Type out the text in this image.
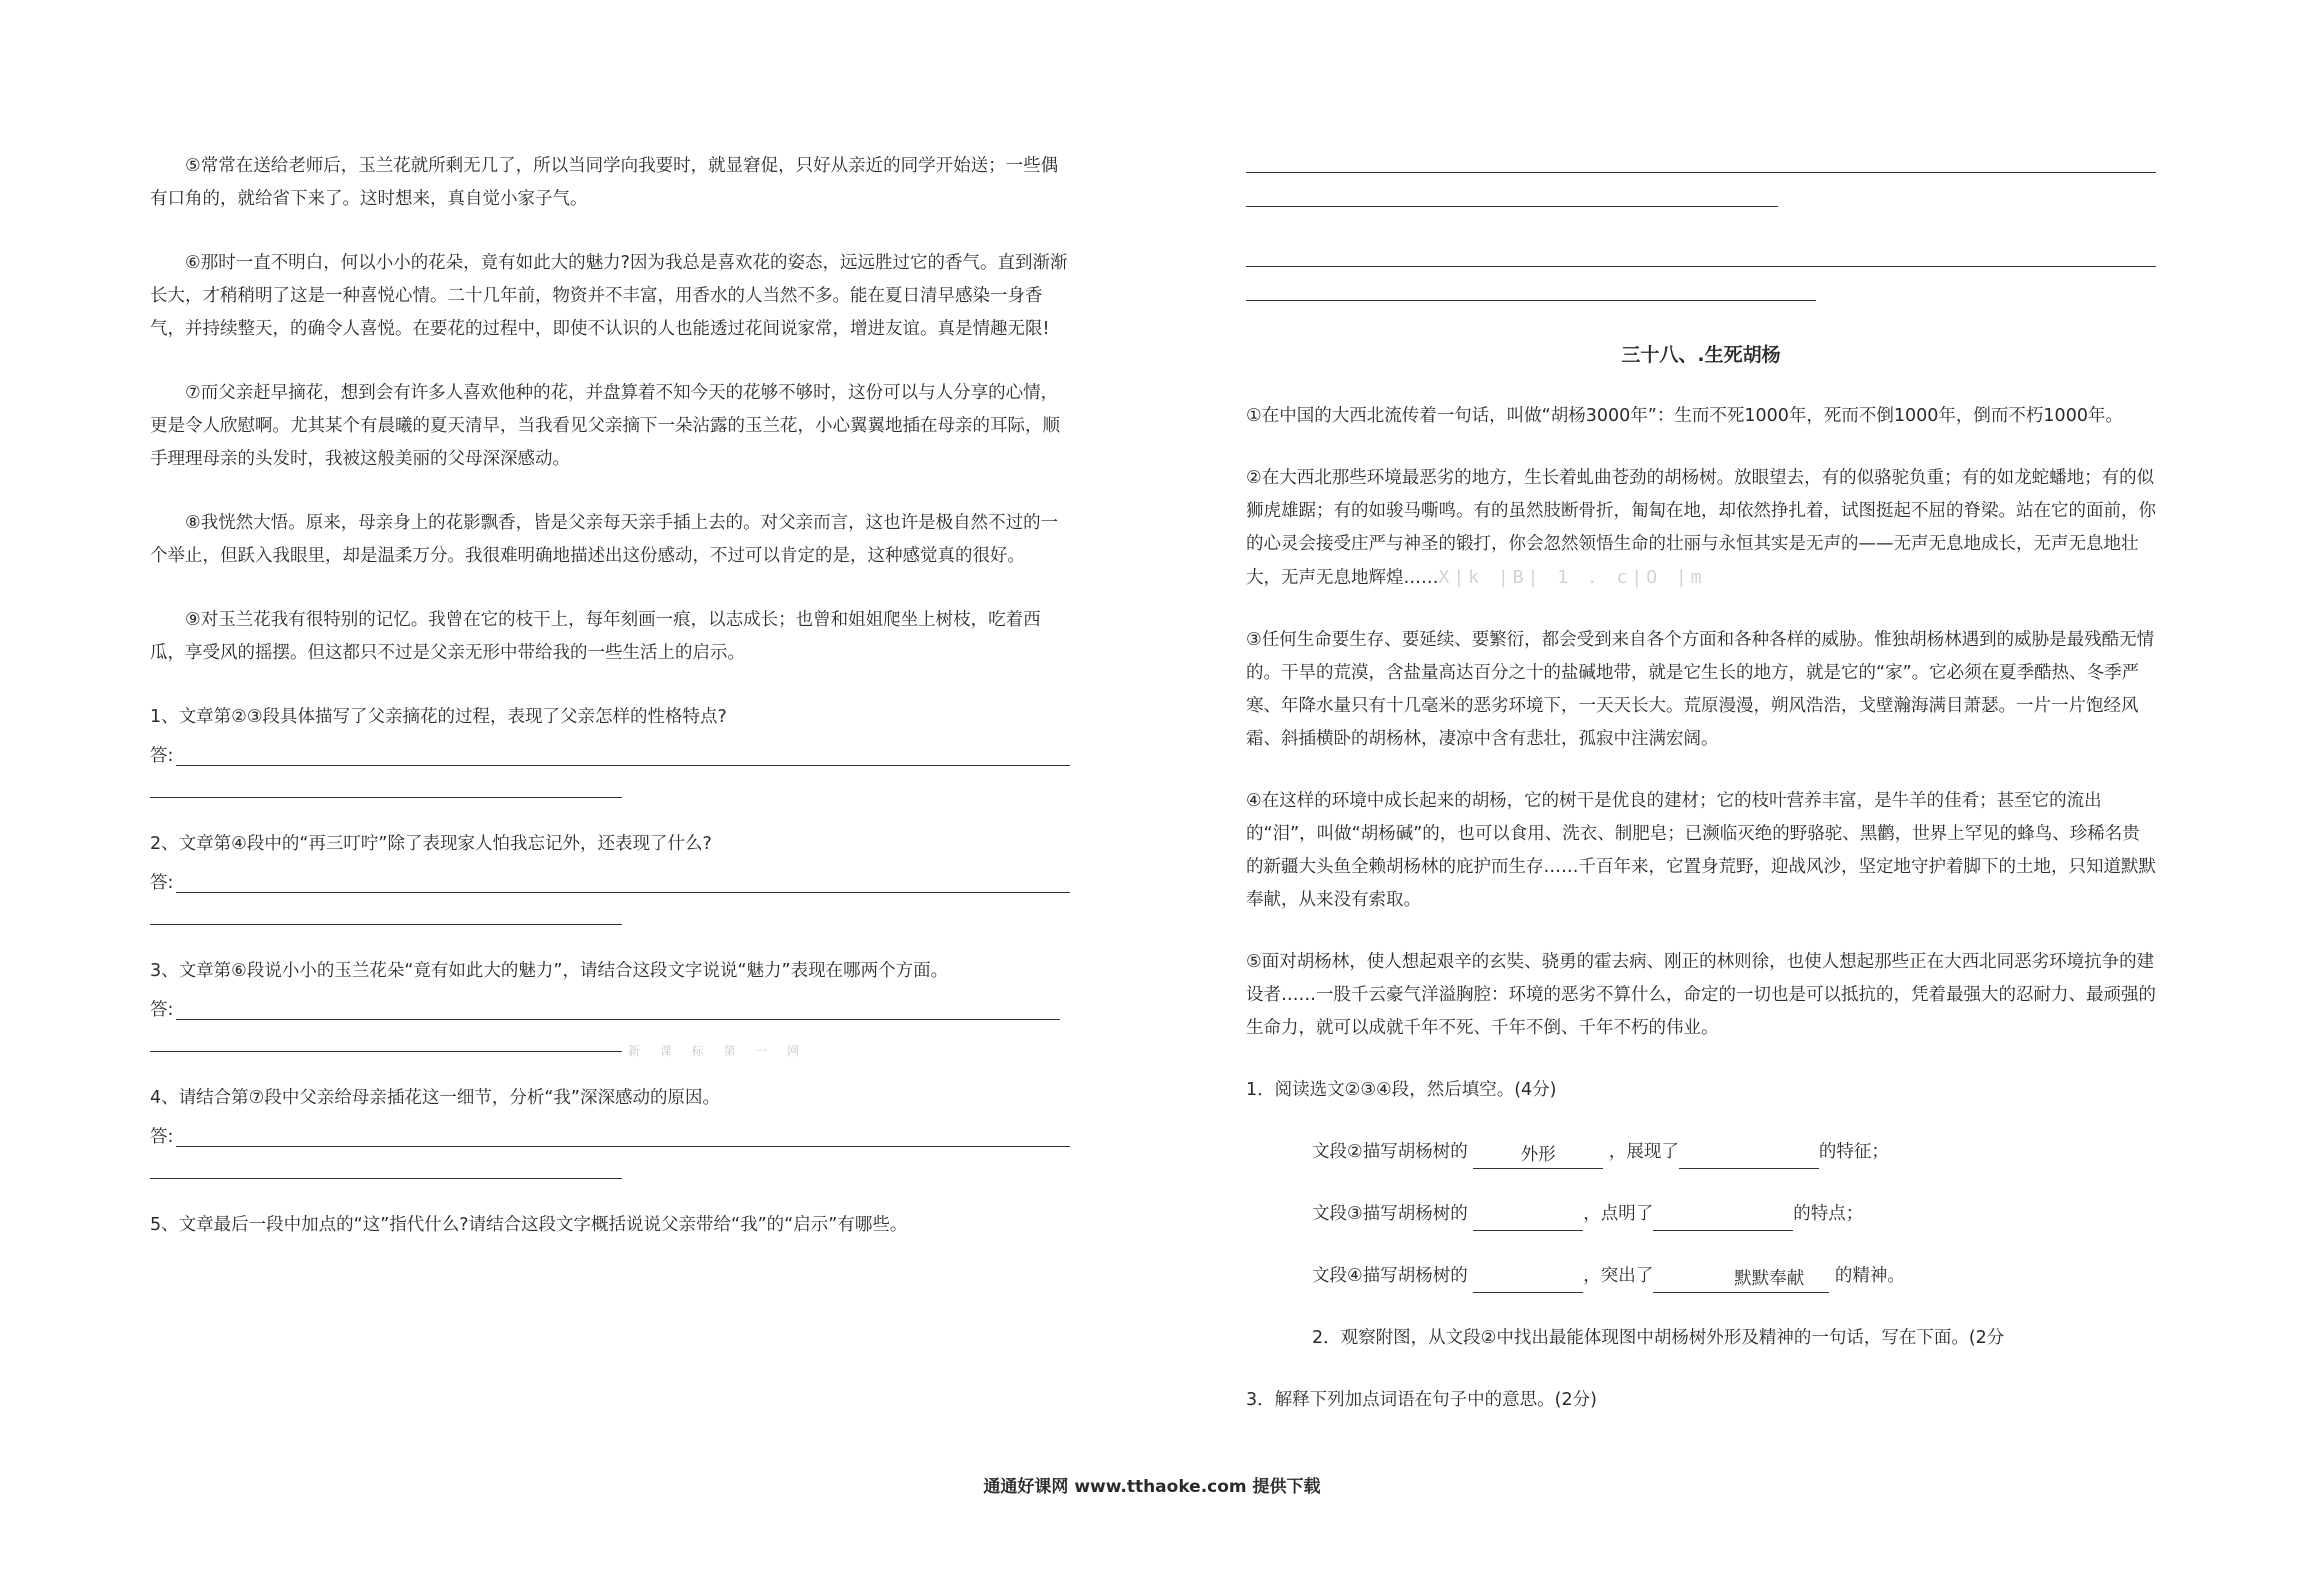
⑤常常在送给老师后，玉兰花就所剩无几了，所以当同学向我要时，就显窘促，只好从亲近的同学开始送；一些偶有口角的，就给省下来了。这时想来，真自觉小家子气。

⑥那时一直不明白，何以小小的花朵，竟有如此大的魅力?因为我总是喜欢花的姿态，远远胜过它的香气。直到渐渐长大，才稍稍明了这是一种喜悦心情。二十几年前，物资并不丰富，用香水的人当然不多。能在夏日清早感染一身香气，并持续整天，的确令人喜悦。在要花的过程中，即使不认识的人也能透过花间说家常，增进友谊。真是情趣无限!

⑦而父亲赶早摘花，想到会有许多人喜欢他种的花，并盘算着不知今天的花够不够时，这份可以与人分享的心情，更是令人欣慰啊。尤其某个有晨曦的夏天清早，当我看见父亲摘下一朵沾露的玉兰花，小心翼翼地插在母亲的耳际，顺手理理母亲的头发时，我被这般美丽的父母深深感动。

⑧我恍然大悟。原来，母亲身上的花影飘香，皆是父亲每天亲手插上去的。对父亲而言，这也许是极自然不过的一个举止，但跃入我眼里，却是温柔万分。我很难明确地描述出这份感动，不过可以肯定的是，这种感觉真的很好。

⑨对玉兰花我有很特别的记忆。我曾在它的枝干上，每年刻画一痕，以志成长；也曾和姐姐爬坐上树枝，吃着西瓜，享受风的摇摆。但这都只不过是父亲无形中带给我的一些生活上的启示。

1、文章第②③段具体描写了父亲摘花的过程，表现了父亲怎样的性格特点?

答:

2、文章第④段中的“再三叮咛”除了表现家人怕我忘记外，还表现了什么?

答:

3、文章第⑥段说小小的玉兰花朵“竟有如此大的魅力”，请结合这段文字说说“魅力”表现在哪两个方面。

答:
新 课 标 第 一 网

4、请结合第⑦段中父亲给母亲插花这一细节，分析“我”深深感动的原因。

答:

5、文章最后一段中加点的“这”指代什么?请结合这段文字概括说说父亲带给“我”的“启示”有哪些。

三十八、.生死胡杨

①在中国的大西北流传着一句话，叫做“胡杨3000年”：生而不死1000年，死而不倒1000年，倒而不朽1000年。

②在大西北那些环境最恶劣的地方，生长着虬曲苍劲的胡杨树。放眼望去，有的似骆驼负重；有的如龙蛇蟠地；有的似狮虎雄踞；有的如骏马嘶鸣。有的虽然肢断骨折，匍匐在地，却依然挣扎着，试图挺起不屈的脊梁。站在它的面前，你的心灵会接受庄严与神圣的锻打，你会忽然领悟生命的壮丽与永恒其实是无声的——无声无息地成长，无声无息地壮大，无声无息地辉煌……X|k |B| 1 . c|O |m

③任何生命要生存、要延续、要繁衍，都会受到来自各个方面和各种各样的威胁。惟独胡杨林遇到的威胁是最残酷无情的。干旱的荒漠，含盐量高达百分之十的盐碱地带，就是它生长的地方，就是它的“家”。它必须在夏季酷热、冬季严寒、年降水量只有十几毫米的恶劣环境下，一天天长大。荒原漫漫，朔风浩浩，戈壁瀚海满目萧瑟。一片一片饱经风霜、斜插横卧的胡杨林，凄凉中含有悲壮，孤寂中注满宏阔。

④在这样的环境中成长起来的胡杨，它的树干是优良的建材；它的枝叶营养丰富，是牛羊的佳肴；甚至它的流出的“泪”，叫做“胡杨碱”的，也可以食用、洗衣、制肥皂；已濒临灭绝的野骆驼、黑鹳，世界上罕见的蜂鸟、珍稀名贵的新疆大头鱼全赖胡杨林的庇护而生存……千百年来，它置身荒野，迎战风沙，坚定地守护着脚下的土地，只知道默默奉献，从来没有索取。

⑤面对胡杨林，使人想起艰辛的玄奘、骁勇的霍去病、刚正的林则徐，也使人想起那些正在大西北同恶劣环境抗争的建设者……一股千云豪气洋溢胸腔：环境的恶劣不算什么，命定的一切也是可以抵抗的，凭着最强大的忍耐力、最顽强的生命力，就可以成就千年不死、千年不倒、千年不朽的伟业。

1．阅读选文②③④段，然后填空。(4分)

文段②描写胡杨树的	外形	，展现了	的特征；

文段③描写胡杨树的	，点明了	的特点；

文段④描写胡杨树的	，突出了	默默奉献 的精神。

2．观察附图，从文段②中找出最能体现图中胡杨树外形及精神的一句话，写在下面。(2分

3．解释下列加点词语在句子中的意思。(2分)

通通好课网 www.tthaoke.com 提供下载
